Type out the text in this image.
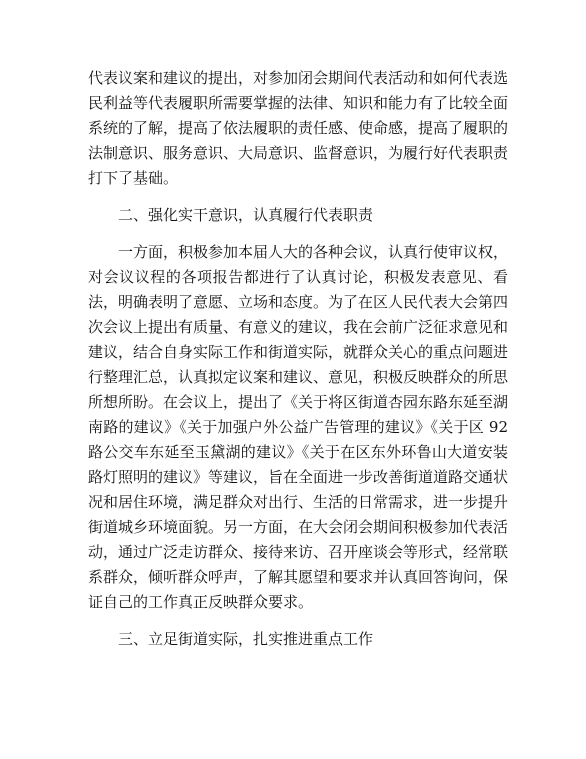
代表议案和建议的提出，对参加闭会期间代表活动和如何代表选民利益等代表履职所需要掌握的法律、知识和能力有了比较全面系统的了解，提高了依法履职的责任感、使命感，提高了履职的法制意识、服务意识、大局意识、监督意识，为履行好代表职责打下了基础。

二、强化实干意识，认真履行代表职责

一方面，积极参加本届人大的各种会议，认真行使审议权，对会议议程的各项报告都进行了认真讨论，积极发表意见、看法，明确表明了意愿、立场和态度。为了在区人民代表大会第四次会议上提出有质量、有意义的建议，我在会前广泛征求意见和建议，结合自身实际工作和街道实际，就群众关心的重点问题进行整理汇总，认真拟定议案和建议、意见，积极反映群众的所思所想所盼。在会议上，提出了《关于将区街道杏园东路东延至湖南路的建议》《关于加强户外公益广告管理的建议》《关于区 92 路公交车东延至玉黛湖的建议》《关于在区东外环鲁山大道安装路灯照明的建议》等建议，旨在全面进一步改善街道道路交通状况和居住环境，满足群众对出行、生活的日常需求，进一步提升街道城乡环境面貌。另一方面，在大会闭会期间积极参加代表活动，通过广泛走访群众、接待来访、召开座谈会等形式，经常联系群众，倾听群众呼声，了解其愿望和要求并认真回答询问，保证自己的工作真正反映群众要求。

三、立足街道实际，扎实推进重点工作
